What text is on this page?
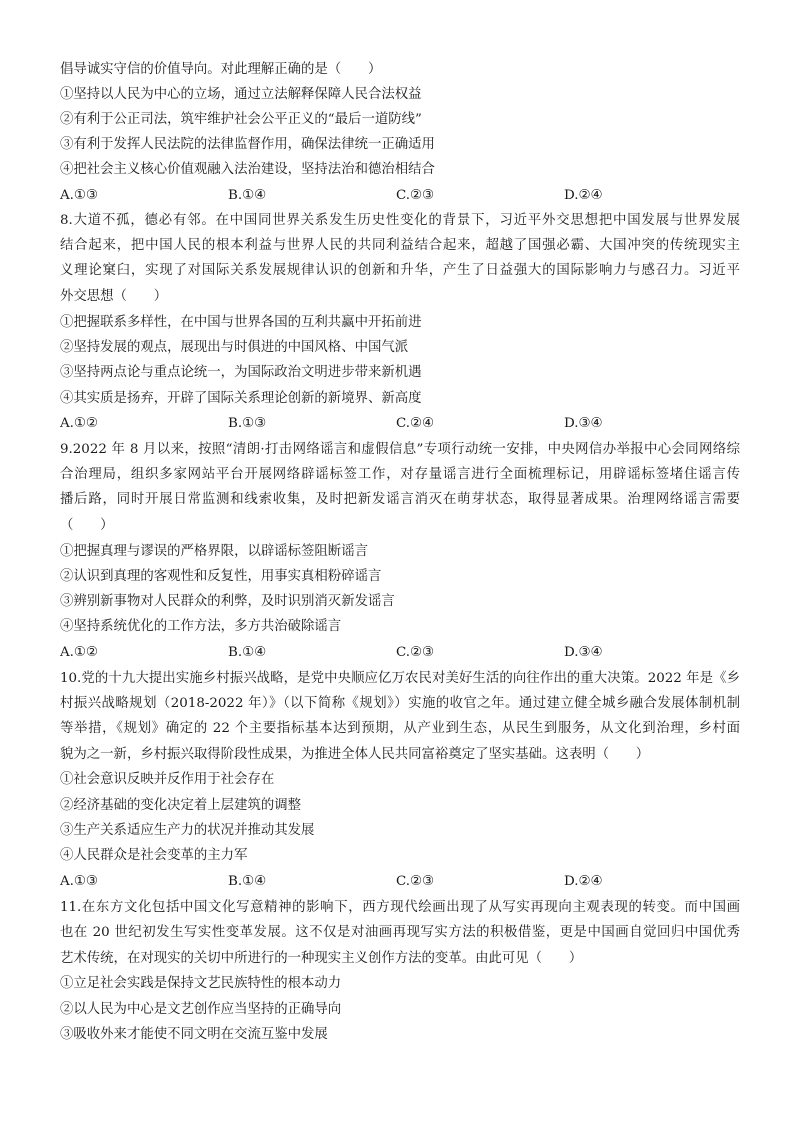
倡导诚实守信的价值导向。对此理解正确的是（　　）
①坚持以人民为中心的立场，通过立法解释保障人民合法权益
②有利于公正司法，筑牢维护社会公平正义的“最后一道防线”
③有利于发挥人民法院的法律监督作用，确保法律统一正确适用
④把社会主义核心价值观融入法治建设，坚持法治和德治相结合
A.①③	B.①④	C.②③	D.②④
8.大道不孤，德必有邻。在中国同世界关系发生历史性变化的背景下，习近平外交思想把中国发展与世界发展
结合起来，把中国人民的根本利益与世界人民的共同利益结合起来，超越了国强必霸、大国冲突的传统现实主
义理论窠臼，实现了对国际关系发展规律认识的创新和升华，产生了日益强大的国际影响力与感召力。习近平
外交思想（　　）
①把握联系多样性，在中国与世界各国的互利共赢中开拓前进
②坚持发展的观点，展现出与时俱进的中国风格、中国气派
③坚持两点论与重点论统一，为国际政治文明进步带来新机遇
④其实质是扬弃，开辟了国际关系理论创新的新境界、新高度
A.①②	B.①③	C.②④	D.③④
9.2022 年 8 月以来，按照“清朗·打击网络谣言和虚假信息”专项行动统一安排，中央网信办举报中心会同网络综
合治理局，组织多家网站平台开展网络辟谣标签工作，对存量谣言进行全面梳理标记，用辟谣标签堵住谣言传
播后路，同时开展日常监测和线索收集，及时把新发谣言消灭在萌芽状态，取得显著成果。治理网络谣言需要
（　　）
①把握真理与谬误的严格界限，以辟谣标签阻断谣言
②认识到真理的客观性和反复性，用事实真相粉碎谣言
③辨别新事物对人民群众的利弊，及时识别消灭新发谣言
④坚持系统优化的工作方法，多方共治破除谣言
A.①②	B.①④	C.②③	D.③④
10.党的十九大提出实施乡村振兴战略，是党中央顺应亿万农民对美好生活的向往作出的重大决策。2022 年是《乡
村振兴战略规划（2018-2022 年）》（以下简称《规划》）实施的收官之年。通过建立健全城乡融合发展体制机制
等举措，《规划》确定的 22 个主要指标基本达到预期，从产业到生态，从民生到服务，从文化到治理，乡村面
貌为之一新，乡村振兴取得阶段性成果，为推进全体人民共同富裕奠定了坚实基础。这表明（　　）
①社会意识反映并反作用于社会存在
②经济基础的变化决定着上层建筑的调整
③生产关系适应生产力的状况并推动其发展
④人民群众是社会变革的主力军
A.①③	B.①④	C.②③	D.②④
11.在东方文化包括中国文化写意精神的影响下，西方现代绘画出现了从写实再现向主观表现的转变。而中国画
也在 20 世纪初发生写实性变革发展。这不仅是对油画再现写实方法的积极借鉴，更是中国画自觉回归中国优秀
艺术传统，在对现实的关切中所进行的一种现实主义创作方法的变革。由此可见（　　）
①立足社会实践是保持文艺民族特性的根本动力
②以人民为中心是文艺创作应当坚持的正确导向
③吸收外来才能使不同文明在交流互鉴中发展
